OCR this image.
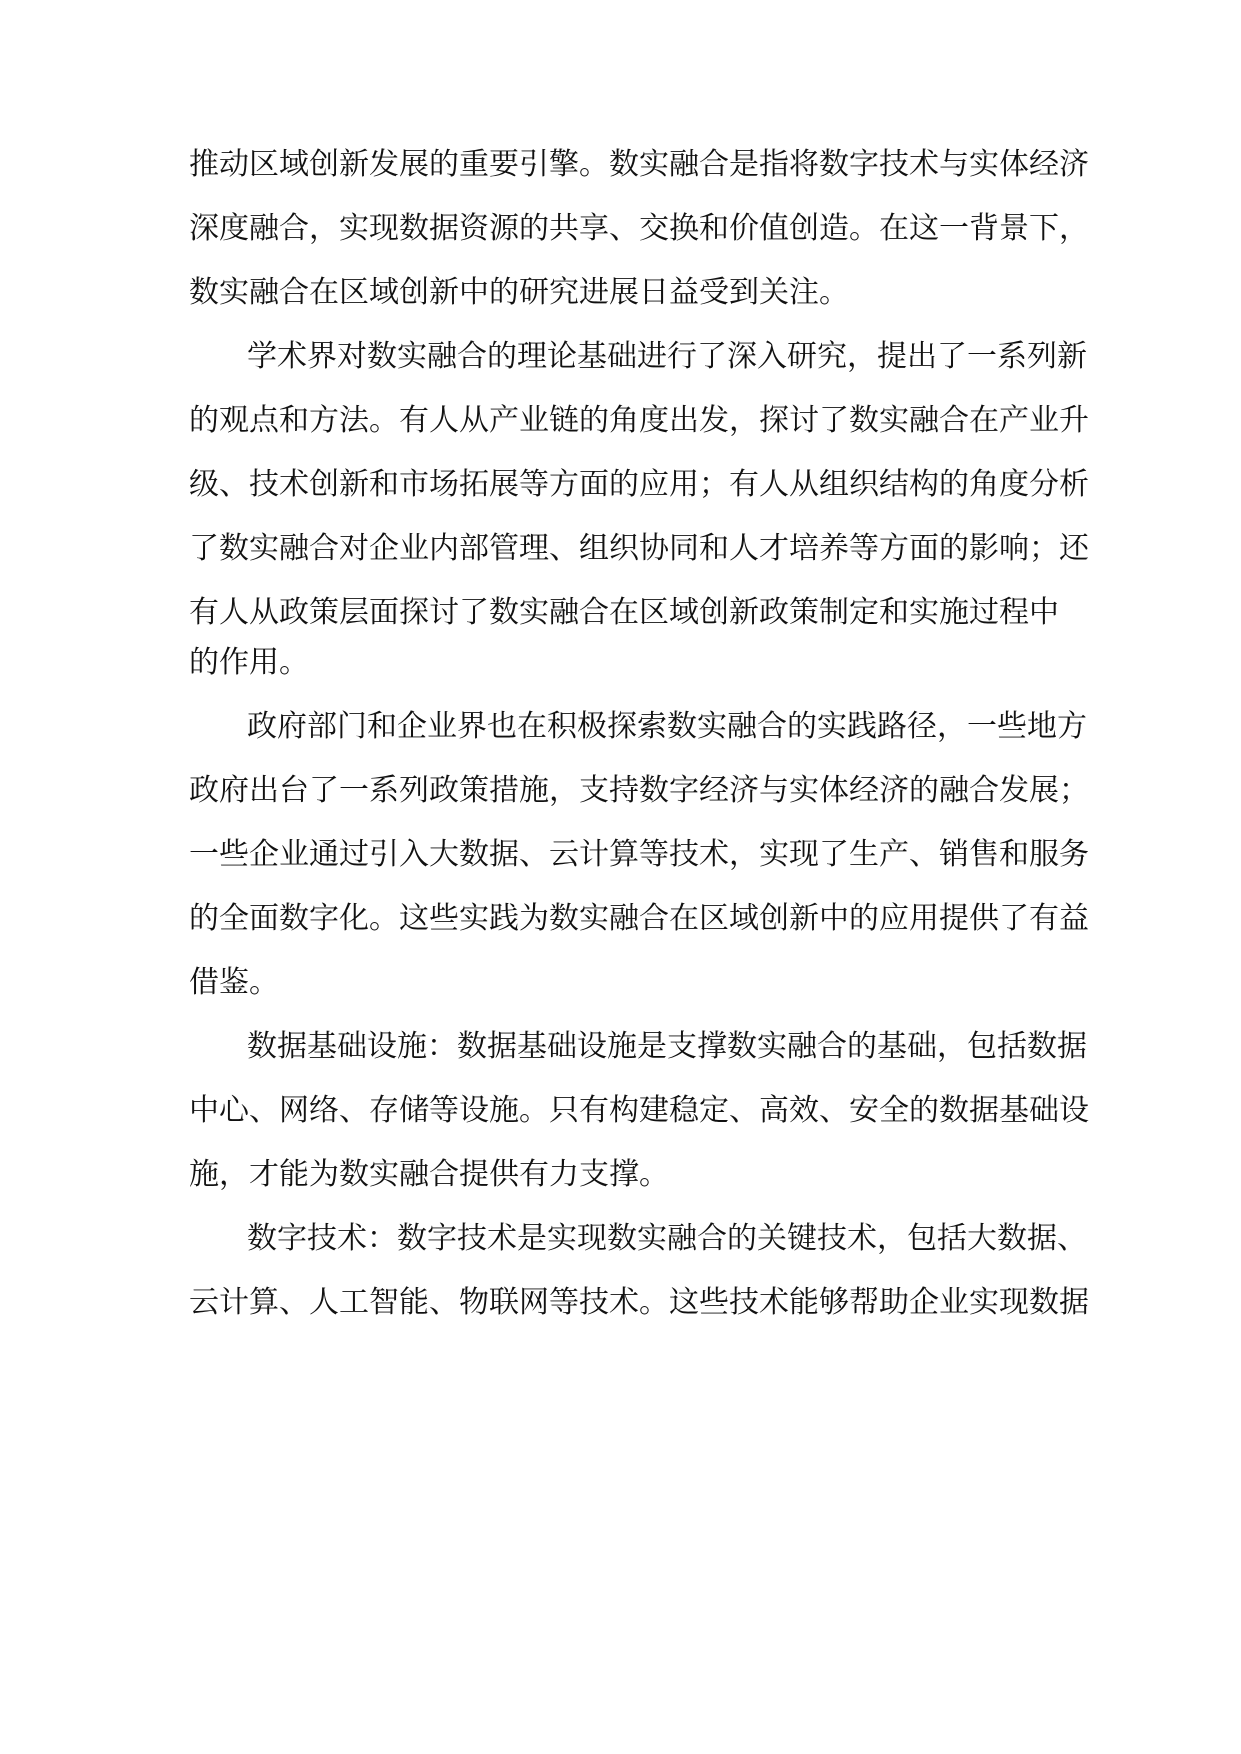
推动区域创新发展的重要引擎。数实融合是指将数字技术与实体经济
深度融合，实现数据资源的共享、交换和价值创造。在这一背景下，
数实融合在区域创新中的研究进展日益受到关注。
学术界对数实融合的理论基础进行了深入研究，提出了一系列新
的观点和方法。有人从产业链的角度出发，探讨了数实融合在产业升
级、技术创新和市场拓展等方面的应用；有人从组织结构的角度分析
了数实融合对企业内部管理、组织协同和人才培养等方面的影响；还
有人从政策层面探讨了数实融合在区域创新政策制定和实施过程中
的作用。
政府部门和企业界也在积极探索数实融合的实践路径，一些地方
政府出台了一系列政策措施，支持数字经济与实体经济的融合发展；
一些企业通过引入大数据、云计算等技术，实现了生产、销售和服务
的全面数字化。这些实践为数实融合在区域创新中的应用提供了有益
借鉴。
数据基础设施：数据基础设施是支撑数实融合的基础，包括数据
中心、网络、存储等设施。只有构建稳定、高效、安全的数据基础设
施，才能为数实融合提供有力支撑。
数字技术：数字技术是实现数实融合的关键技术，包括大数据、
云计算、人工智能、物联网等技术。这些技术能够帮助企业实现数据
